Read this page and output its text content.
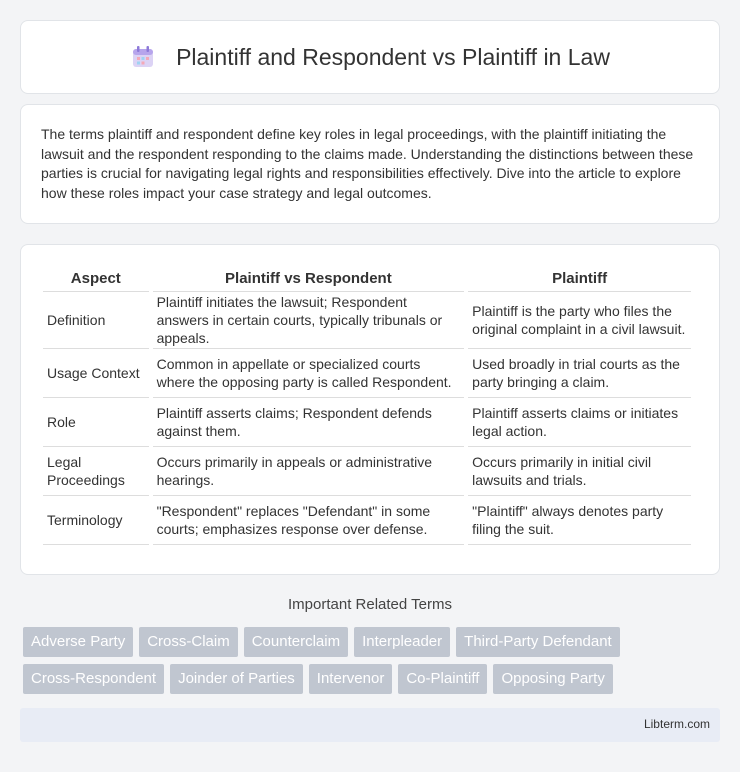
Plaintiff and Respondent vs Plaintiff in Law

The terms plaintiff and respondent define key roles in legal proceedings, with the plaintiff initiating the lawsuit and the respondent responding to the claims made. Understanding the distinctions between these parties is crucial for navigating legal rights and responsibilities effectively. Dive into the article to explore how these roles impact your case strategy and legal outcomes.

Aspect	Plaintiff vs Respondent	Plaintiff
Definition	Plaintiff initiates the lawsuit; Respondent answers in certain courts, typically tribunals or appeals.	Plaintiff is the party who files the original complaint in a civil lawsuit.
Usage Context	Common in appellate or specialized courts where the opposing party is called Respondent.	Used broadly in trial courts as the party bringing a claim.
Role	Plaintiff asserts claims; Respondent defends against them.	Plaintiff asserts claims or initiates legal action.
Legal Proceedings	Occurs primarily in appeals or administrative hearings.	Occurs primarily in initial civil lawsuits and trials.
Terminology	"Respondent" replaces "Defendant" in some courts; emphasizes response over defense.	"Plaintiff" always denotes party filing the suit.
Important Related Terms
Adverse Party	Cross-Claim	Counterclaim	Interpleader	Third-Party Defendant
Cross-Respondent	Joinder of Parties	Intervenor	Co-Plaintiff	Opposing Party
Libterm.com
